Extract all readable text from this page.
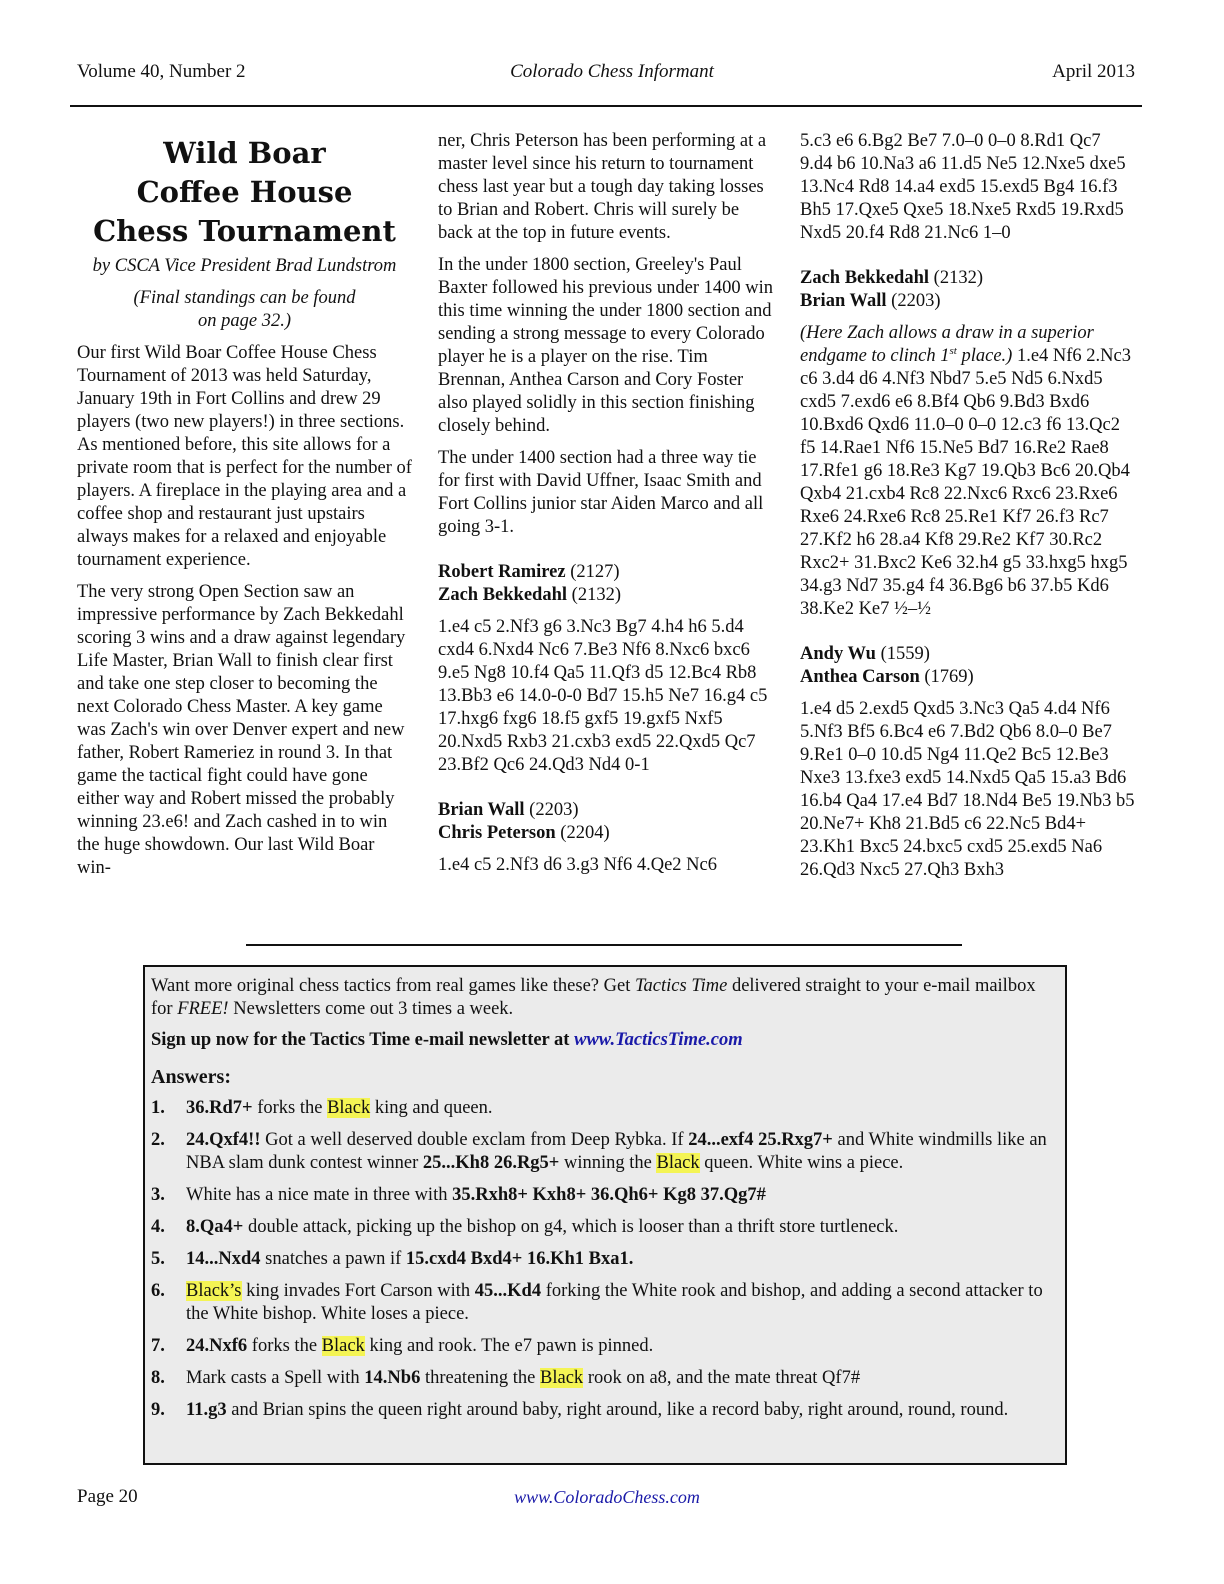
Volume 40, Number 2	Colorado Chess Informant	April 2013
Wild Boar
Coffee House
Chess Tournament

by CSCA Vice President Brad Lundstrom

(Final standings can be found
on page 32.)

Our first Wild Boar Coffee House Chess Tournament of 2013 was held Saturday, January 19th in Fort Collins and drew 29 players (two new players!) in three sections. As mentioned before, this site allows for a private room that is perfect for the number of players. A fireplace in the playing area and a coffee shop and restaurant just upstairs always makes for a relaxed and enjoyable tournament experience.

The very strong Open Section saw an impressive performance by Zach Bekkedahl scoring 3 wins and a draw against legendary Life Master, Brian Wall to finish clear first and take one step closer to becoming the next Colorado Chess Master. A key game was Zach's win over Denver expert and new father, Robert Rameriez in round 3. In that game the tactical fight could have gone either way and Robert missed the probably winning 23.e6! and Zach cashed in to win the huge showdown. Our last Wild Boar win-

ner, Chris Peterson has been performing at a master level since his return to tournament chess last year but a tough day taking losses to Brian and Robert. Chris will surely be back at the top in future events.

In the under 1800 section, Greeley's Paul Baxter followed his previous under 1400 win this time winning the under 1800 section and sending a strong message to every Colorado player he is a player on the rise. Tim Brennan, Anthea Carson and Cory Foster also played solidly in this section finishing closely behind.

The under 1400 section had a three way tie for first with David Uffner, Isaac Smith and Fort Collins junior star Aiden Marco and all going 3-1.

Robert Ramirez (2127)
Zach Bekkedahl (2132)

1.e4 c5 2.Nf3 g6 3.Nc3 Bg7 4.h4 h6 5.d4 cxd4 6.Nxd4 Nc6 7.Be3 Nf6 8.Nxc6 bxc6 9.e5 Ng8 10.f4 Qa5 11.Qf3 d5 12.Bc4 Rb8 13.Bb3 e6 14.0-0-0 Bd7 15.h5 Ne7 16.g4 c5 17.hxg6 fxg6 18.f5 gxf5 19.gxf5 Nxf5 20.Nxd5 Rxb3 21.cxb3 exd5 22.Qxd5 Qc7 23.Bf2 Qc6 24.Qd3 Nd4 0-1

Brian Wall (2203)
Chris Peterson (2204)

1.e4 c5 2.Nf3 d6 3.g3 Nf6 4.Qe2 Nc6

5.c3 e6 6.Bg2 Be7 7.0–0 0–0 8.Rd1 Qc7 9.d4 b6 10.Na3 a6 11.d5 Ne5 12.Nxe5 dxe5 13.Nc4 Rd8 14.a4 exd5 15.exd5 Bg4 16.f3 Bh5 17.Qxe5 Qxe5 18.Nxe5 Rxd5 19.Rxd5 Nxd5 20.f4 Rd8 21.Nc6 1–0

Zach Bekkedahl (2132)
Brian Wall (2203)

(Here Zach allows a draw in a superior endgame to clinch 1st place.) 1.e4 Nf6 2.Nc3 c6 3.d4 d6 4.Nf3 Nbd7 5.e5 Nd5 6.Nxd5 cxd5 7.exd6 e6 8.Bf4 Qb6 9.Bd3 Bxd6 10.Bxd6 Qxd6 11.0–0 0–0 12.c3 f6 13.Qc2 f5 14.Rae1 Nf6 15.Ne5 Bd7 16.Re2 Rae8 17.Rfe1 g6 18.Re3 Kg7 19.Qb3 Bc6 20.Qb4 Qxb4 21.cxb4 Rc8 22.Nxc6 Rxc6 23.Rxe6 Rxe6 24.Rxe6 Rc8 25.Re1 Kf7 26.f3 Rc7 27.Kf2 h6 28.a4 Kf8 29.Re2 Kf7 30.Rc2 Rxc2+ 31.Bxc2 Ke6 32.h4 g5 33.hxg5 hxg5 34.g3 Nd7 35.g4 f4 36.Bg6 b6 37.b5 Kd6 38.Ke2 Ke7 ½–½

Andy Wu (1559)
Anthea Carson (1769)

1.e4 d5 2.exd5 Qxd5 3.Nc3 Qa5 4.d4 Nf6 5.Nf3 Bf5 6.Bc4 e6 7.Bd2 Qb6 8.0–0 Be7 9.Re1 0–0 10.d5 Ng4 11.Qe2 Bc5 12.Be3 Nxe3 13.fxe3 exd5 14.Nxd5 Qa5 15.a3 Bd6 16.b4 Qa4 17.e4 Bd7 18.Nd4 Be5 19.Nb3 b5 20.Ne7+ Kh8 21.Bd5 c6 22.Nc5 Bd4+ 23.Kh1 Bxc5 24.bxc5 cxd5 25.exd5 Na6 26.Qd3 Nxc5 27.Qh3 Bxh3

Want more original chess tactics from real games like these? Get Tactics Time delivered straight to your e-mail mailbox for FREE! Newsletters come out 3 times a week.

Sign up now for the Tactics Time e-mail newsletter at www.TacticsTime.com

Answers:
1.	36.Rd7+ forks the Black king and queen.
2.	24.Qxf4!! Got a well deserved double exclam from Deep Rybka. If 24...exf4 25.Rxg7+ and White windmills like an NBA slam dunk contest winner 25...Kh8 26.Rg5+ winning the Black queen. White wins a piece.
3.	White has a nice mate in three with 35.Rxh8+ Kxh8+ 36.Qh6+ Kg8 37.Qg7#
4.	8.Qa4+ double attack, picking up the bishop on g4, which is looser than a thrift store turtleneck.
5.	14...Nxd4 snatches a pawn if 15.cxd4 Bxd4+ 16.Kh1 Bxa1.
6.	Black’s king invades Fort Carson with 45...Kd4 forking the White rook and bishop, and adding a second attacker to the White bishop. White loses a piece.
7.	24.Nxf6 forks the Black king and rook. The e7 pawn is pinned.
8.	Mark casts a Spell with 14.Nb6 threatening the Black rook on a8, and the mate threat Qf7#
9.	11.g3 and Brian spins the queen right around baby, right around, like a record baby, right around, round, round.
Page 20	www.ColoradoChess.com
